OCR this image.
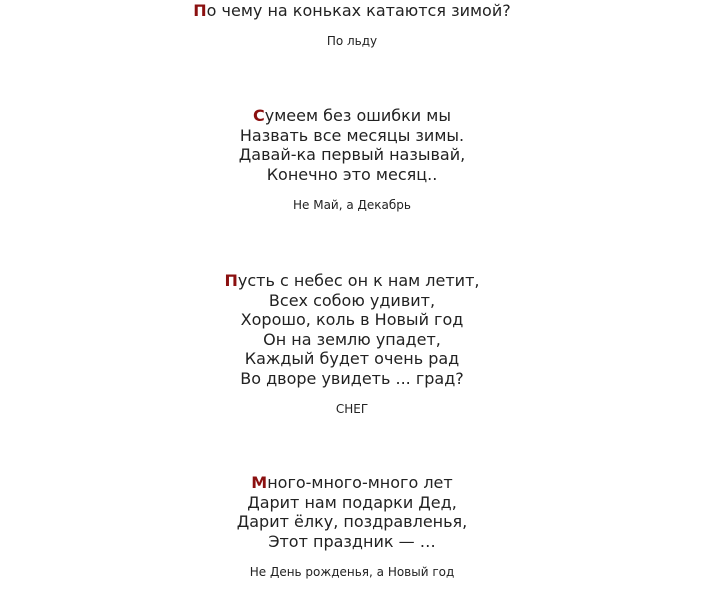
По чему на коньках катаются зимой?

По льду

Сумеем без ошибки мы
Назвать все месяцы зимы.
Давай-ка первый называй,
Конечно это месяц..

Не Май, а Декабрь

Пусть с небес он к нам летит,
Всех собою удивит,
Хорошо, коль в Новый год
Он на землю упадет,
Каждый будет очень рад
Во дворе увидеть ... град?

СНЕГ

Много-много-много лет
Дарит нам подарки Дед,
Дарит ёлку, поздравленья,
Этот праздник — …

Не День рожденья, а Новый год
